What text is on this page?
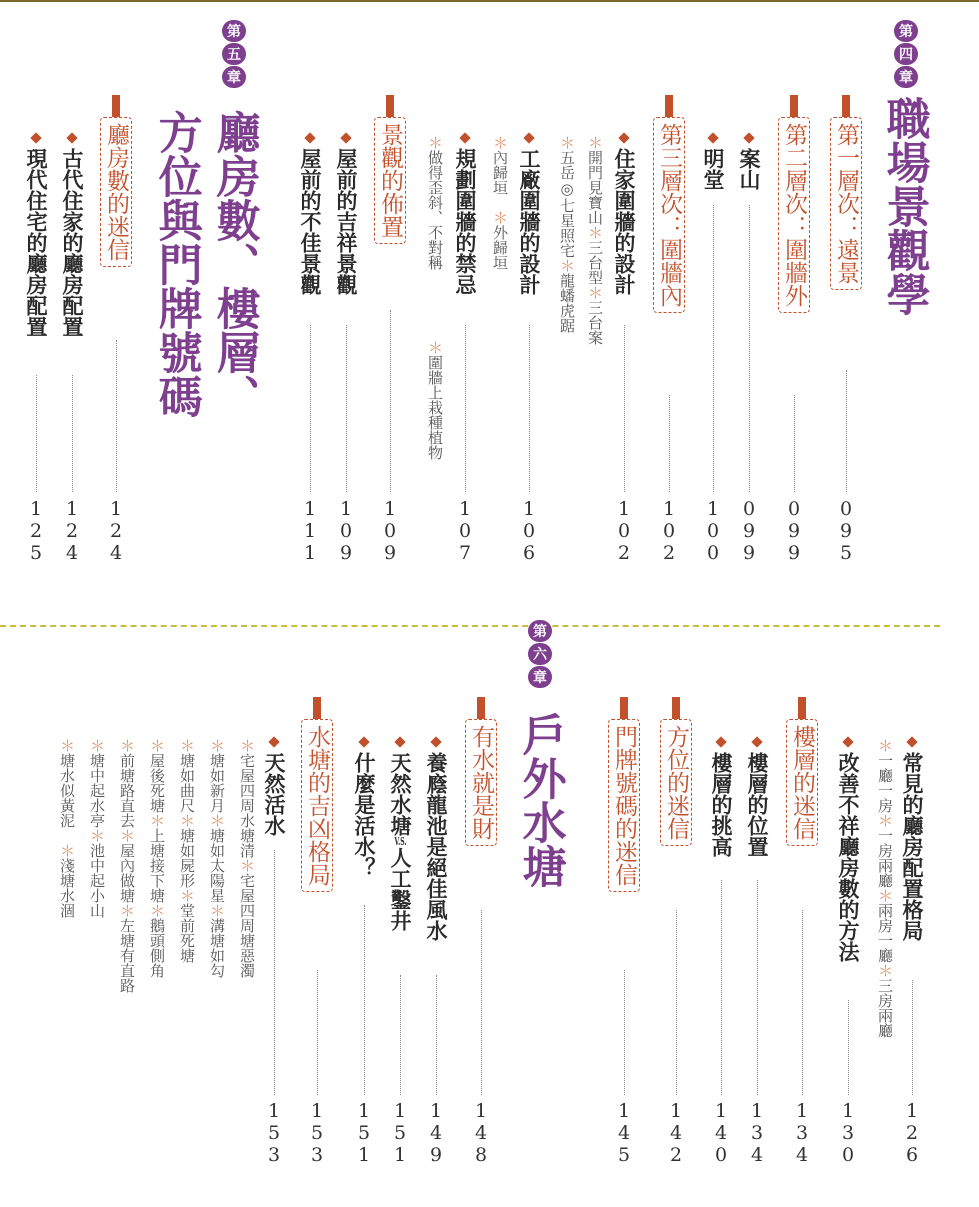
第
四
章
職場景觀學
第一層次：遠景
095
第二層次：圍牆外
099
案山
099
明堂
100
第三層次：圍牆內
102
住家圍牆的設計
102
＊開門見寶山＊三台型＊三台案
＊五岳◎七星照宅＊龍蟠虎踞
工廠圍牆的設計
106
＊內歸垣　＊外歸垣
規劃圍牆的禁忌
107
＊做得歪斜、不對稱
＊圍牆上栽種植物
景觀的佈置
109
屋前的吉祥景觀
109
屋前的不佳景觀
111
第
五
章
廳房數、樓層、
方位與門牌號碼
廳房數的迷信
124
古代住家的廳房配置
124
現代住宅的廳房配置
125
常見的廳房配置格局
126
＊一廳一房＊一房兩廳＊兩房一廳＊三房兩廳
改善不祥廳房數的方法
130
樓層的迷信
134
樓層的位置
134
樓層的挑高
140
方位的迷信
142
門牌號碼的迷信
145
第
六
章
戶外水塘
有水就是財
148
養廕龍池是絕佳風水
149
天然水塘V.S.人工鑿井
151
什麼是活水？
151
水塘的吉凶格局
153
天然活水
153
＊宅屋四周水塘清＊宅屋四周塘惡濁
＊塘如新月＊塘如太陽星＊溝塘如勾
＊塘如曲尺＊塘如屍形＊堂前死塘
＊屋後死塘＊上塘接下塘＊鵝頭側角
＊前塘路直去＊屋內做塘＊左塘有直路
＊塘中起水亭＊池中起小山
＊塘水似黃泥　＊淺塘水涸
